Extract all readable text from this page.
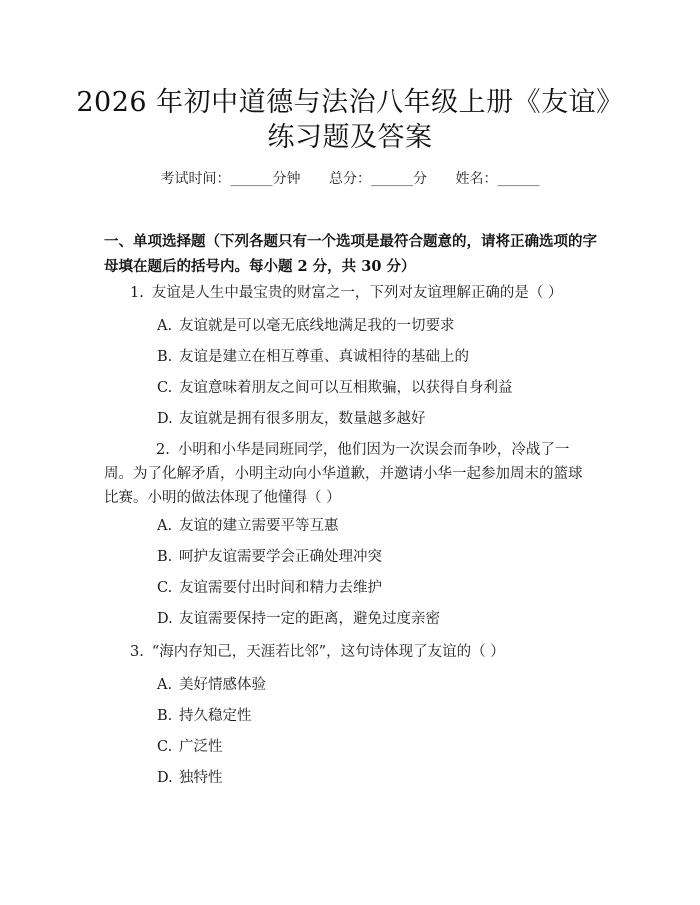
2026 年初中道德与法治八年级上册《友谊》
练习题及答案
考试时间：______分钟 总分：______分 姓名：______
一、单项选择题（下列各题只有一个选项是最符合题意的，请将正确选项的字母填在题后的括号内。每小题 2 分，共 30 分）
1. 友谊是人生中最宝贵的财富之一，下列对友谊理解正确的是（ ）
A. 友谊就是可以毫无底线地满足我的一切要求
B. 友谊是建立在相互尊重、真诚相待的基础上的
C. 友谊意味着朋友之间可以互相欺骗，以获得自身利益
D. 友谊就是拥有很多朋友，数量越多越好
2. 小明和小华是同班同学，他们因为一次误会而争吵，冷战了一周。为了化解矛盾，小明主动向小华道歉，并邀请小华一起参加周末的篮球比赛。小明的做法体现了他懂得（ ）
A. 友谊的建立需要平等互惠
B. 呵护友谊需要学会正确处理冲突
C. 友谊需要付出时间和精力去维护
D. 友谊需要保持一定的距离，避免过度亲密
3. “海内存知己，天涯若比邻”，这句诗体现了友谊的（ ）
A. 美好情感体验
B. 持久稳定性
C. 广泛性
D. 独特性
